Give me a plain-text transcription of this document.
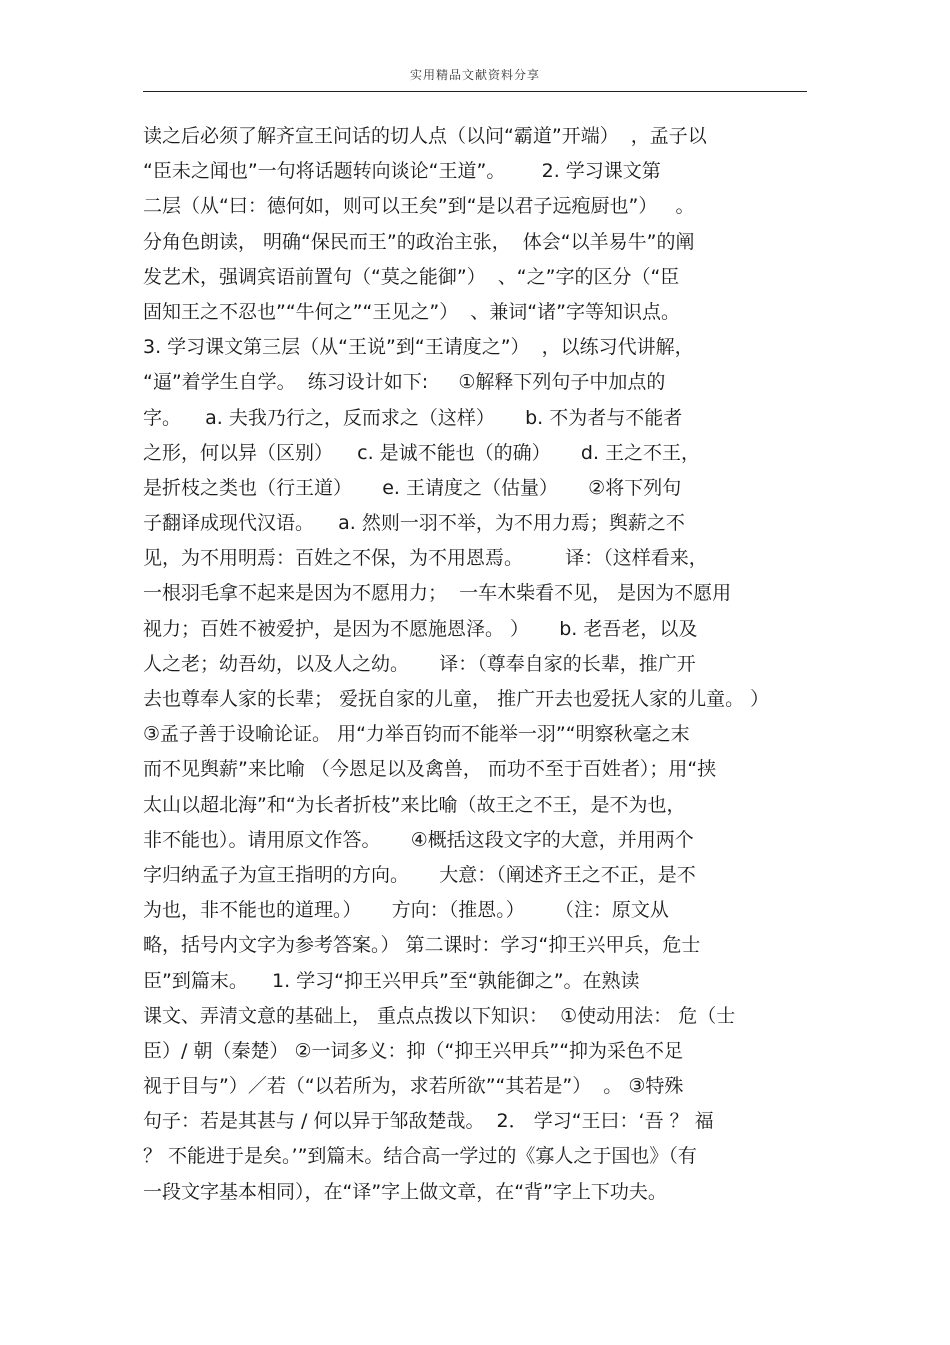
实用精品文献资料分享
读之后必须了解齐宣王问话的切人点（以问“霸道”开端）  ，孟子以
“臣未之闻也”一句将话题转向谈论“王道”。      2. 学习课文第
二层（从“曰：德何如，则可以王矣”到“是以君子远疱厨也”）   。
分角色朗读， 明确“保民而王”的政治主张，  体会“以羊易牛”的阐
发艺术，强调宾语前置句（“莫之能御”）  、“之”字的区分（“臣
固知王之不忍也”“牛何之”“王见之”）  、兼词“诸”字等知识点。
3. 学习课文第三层（从“王说”到“王请度之”）  ，以练习代讲解，
“逼”着学生自学。  练习设计如下:     ①解释下列句子中加点的
字。    a. 夫我乃行之，反而求之（这样）     b. 不为者与不能者
之形，何以异（区别）    c. 是诚不能也（的确）     d. 王之不王，
是折枝之类也（行王道）     e. 王请度之（估量）     ②将下列句
子翻译成现代汉语。    a. 然则一羽不举，为不用力焉；舆薪之不
见，为不用明焉：百姓之不保，为不用恩焉。       译：（这样看来，
一根羽毛拿不起来是因为不愿用力；  一车木柴看不见， 是因为不愿用
视力；百姓不被爱护，是因为不愿施恩泽。 ）     b. 老吾老，以及
人之老；幼吾幼，以及人之幼。     译：（尊奉自家的长辈，推广开
去也尊奉人家的长辈； 爱抚自家的儿童， 推广开去也爱抚人家的儿童。 ）
③孟子善于设喻论证。 用“力举百钧而不能举一羽”“明察秋毫之末
而不见舆薪”来比喻 （今恩足以及禽兽， 而功不至于百姓者）；用“挟
太山以超北海”和“为长者折枝”来比喻（故王之不王，是不为也，
非不能也）。请用原文作答。     ④概括这段文字的大意，并用两个
字归纳孟子为宣王指明的方向。     大意：（阐述齐王之不正，是不
为也，非不能也的道理。）     方向：（推恩。）     （注：原文从
略，括号内文字为参考答案。） 第二课时：学习“抑王兴甲兵，危士
臣”到篇末。    1. 学习“抑王兴甲兵”至“孰能御之”。在熟读
课文、弄清文意的基础上， 重点点拨以下知识：  ①使动用法： 危（士
臣）/ 朝（秦楚） ②一词多义：抑（“抑王兴甲兵”“抑为采色不足
视于目与”）／若（“以若所为，求若所欲”“其若是”）  。 ③特殊
句子：若是其甚与 / 何以异于邹敌楚哉。  2． 学习“王曰：‘吾 ？ 福
？ 不能进于是矣。’”到篇末。结合高一学过的《寡人之于国也》（有
一段文字基本相同），在“译”字上做文章，在“背”字上下功夫。
